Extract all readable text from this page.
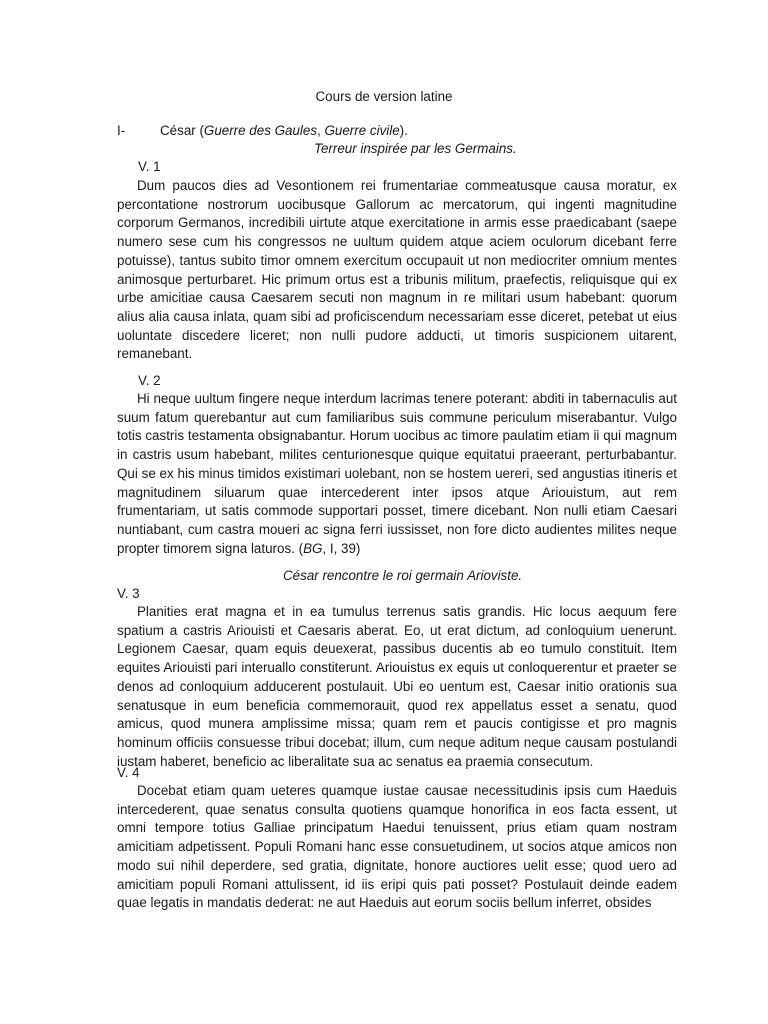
Cours de version latine
I-	César (Guerre des Gaules, Guerre civile).
Terreur inspirée par les Germains.
V. 1

Dum paucos dies ad Vesontionem rei frumentariae commeatusque causa moratur, ex percontatione nostrorum uocibusque Gallorum ac mercatorum, qui ingenti magnitudine corporum Germanos, incredibili uirtute atque exercitatione in armis esse praedicabant (saepe numero sese cum his congressos ne uultum quidem atque aciem oculorum dicebant ferre potuisse), tantus subito timor omnem exercitum occupauit ut non mediocriter omnium mentes animosque perturbaret. Hic primum ortus est a tribunis militum, praefectis, reliquisque qui ex urbe amicitiae causa Caesarem secuti non magnum in re militari usum habebant: quorum alius alia causa inlata, quam sibi ad proficiscendum necessariam esse diceret, petebat ut eius uoluntate discedere liceret; non nulli pudore adducti, ut timoris suspicionem uitarent, remanebant.

V. 2

Hi neque uultum fingere neque interdum lacrimas tenere poterant: abditi in tabernaculis aut suum fatum querebantur aut cum familiaribus suis commune periculum miserabantur. Vulgo totis castris testamenta obsignabantur. Horum uocibus ac timore paulatim etiam ii qui magnum in castris usum habebant, milites centurionesque quique equitatui praeerant, perturbabantur. Qui se ex his minus timidos existimari uolebant, non se hostem uereri, sed angustias itineris et magnitudinem siluarum quae intercederent inter ipsos atque Ariouistum, aut rem frumentariam, ut satis commode supportari posset, timere dicebant. Non nulli etiam Caesari nuntiabant, cum castra moueri ac signa ferri iussisset, non fore dicto audientes milites neque propter timorem signa laturos. (BG, I, 39)

César rencontre le roi germain Arioviste.
V. 3

Planities erat magna et in ea tumulus terrenus satis grandis. Hic locus aequum fere spatium a castris Ariouisti et Caesaris aberat. Eo, ut erat dictum, ad conloquium uenerunt. Legionem Caesar, quam equis deuexerat, passibus ducentis ab eo tumulo constituit. Item equites Ariouisti pari interuallo constiterunt. Ariouistus ex equis ut conloquerentur et praeter se denos ad conloquium adducerent postulauit. Ubi eo uentum est, Caesar initio orationis sua senatusque in eum beneficia commemorauit, quod rex appellatus esset a senatu, quod amicus, quod munera amplissime missa; quam rem et paucis contigisse et pro magnis hominum officiis consuesse tribui docebat; illum, cum neque aditum neque causam postulandi iustam haberet, beneficio ac liberalitate sua ac senatus ea praemia consecutum.

V. 4

Docebat etiam quam ueteres quamque iustae causae necessitudinis ipsis cum Haeduis intercederent, quae senatus consulta quotiens quamque honorifica in eos facta essent, ut omni tempore totius Galliae principatum Haedui tenuissent, prius etiam quam nostram amicitiam adpetissent. Populi Romani hanc esse consuetudinem, ut socios atque amicos non modo sui nihil deperdere, sed gratia, dignitate, honore auctiores uelit esse; quod uero ad amicitiam populi Romani attulissent, id iis eripi quis pati posset? Postulauit deinde eadem quae legatis in mandatis dederat: ne aut Haeduis aut eorum sociis bellum inferret, obsides
